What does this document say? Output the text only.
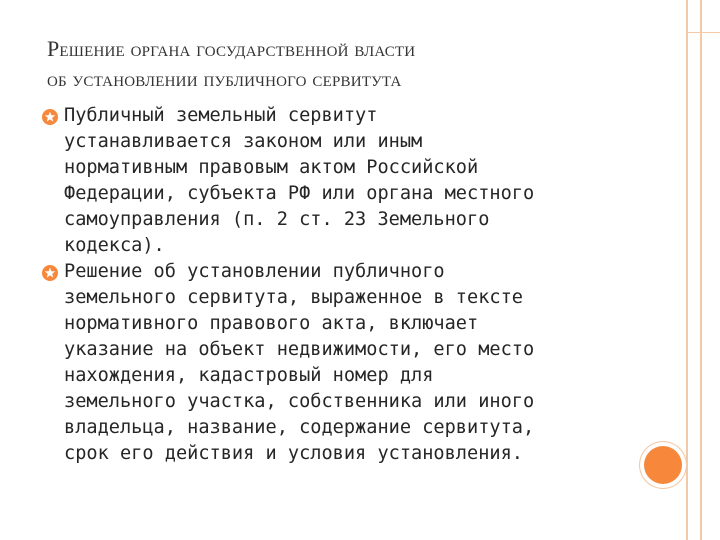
Решение органа государственной власти
об установлении публичного сервитута
Публичный земельный сервитут
устанавливается законом или иным
нормативным правовым актом Российской
Федерации, субъекта РФ или органа местного
самоуправления (п. 2 ст. 23 Земельного
кодекса).
Решение об установлении публичного
земельного сервитута, выраженное в тексте
нормативного правового акта, включает
указание на объект недвижимости, его место
нахождения, кадастровый номер для
земельного участка, собственника или иного
владельца, название, содержание сервитута,
срок его действия и условия установления.
